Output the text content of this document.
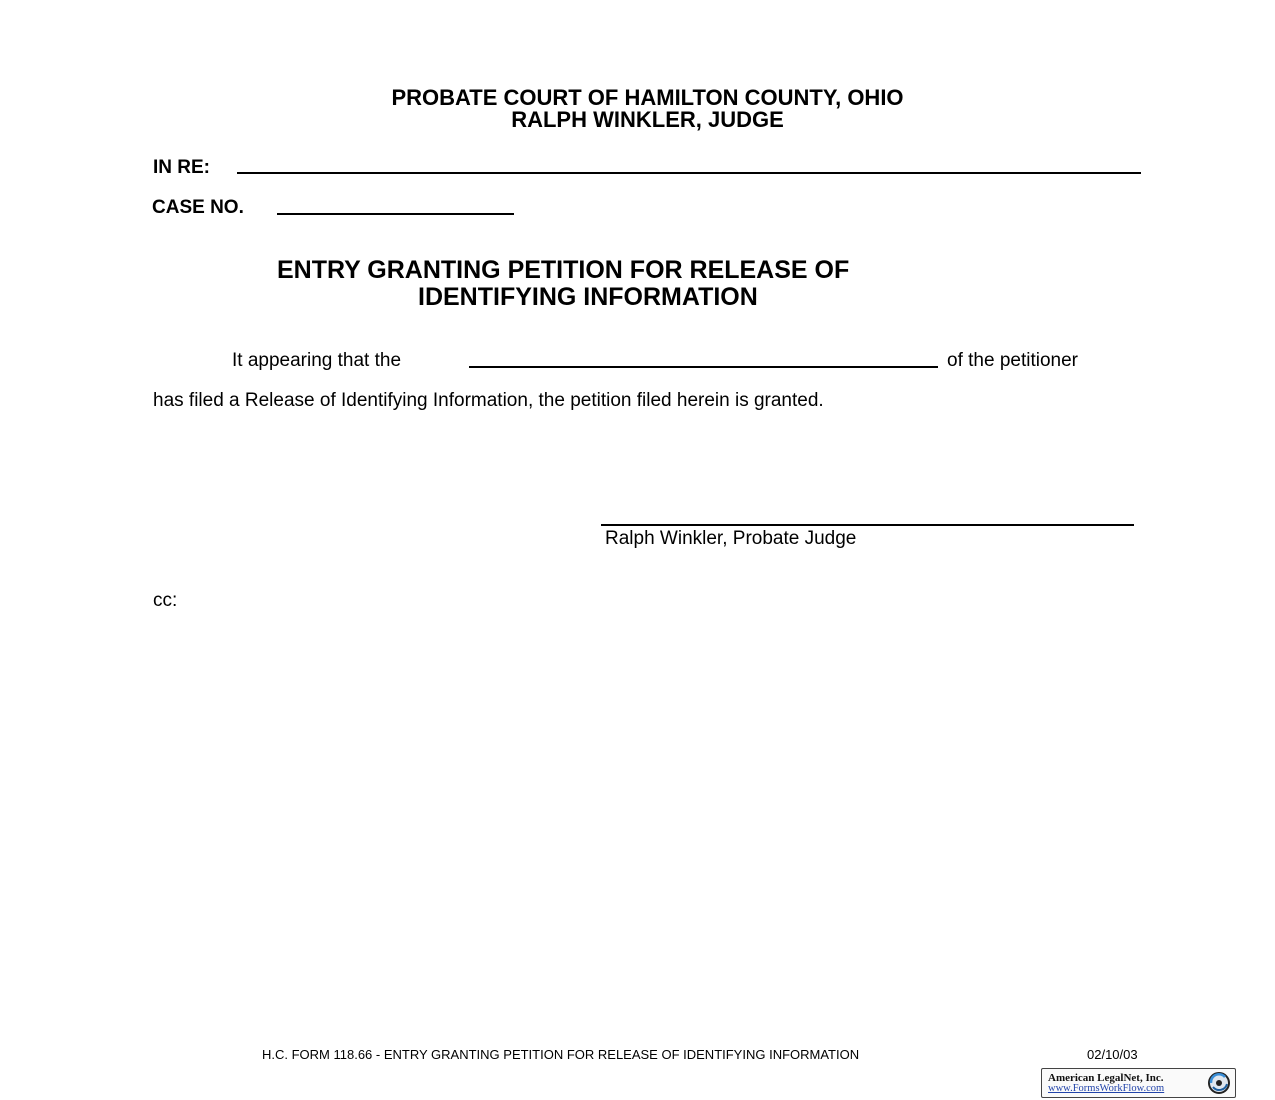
PROBATE COURT OF HAMILTON COUNTY, OHIO
RALPH WINKLER, JUDGE
IN RE:
CASE NO.
ENTRY GRANTING PETITION FOR RELEASE OF
IDENTIFYING INFORMATION
It appearing that the	of the petitioner
has filed a Release of Identifying Information, the petition filed herein is granted.
Ralph Winkler, Probate Judge
cc:
H.C. FORM 118.66 - ENTRY GRANTING PETITION FOR RELEASE OF IDENTIFYING INFORMATION	02/10/03
American LegalNet, Inc.
www.FormsWorkFlow.com
